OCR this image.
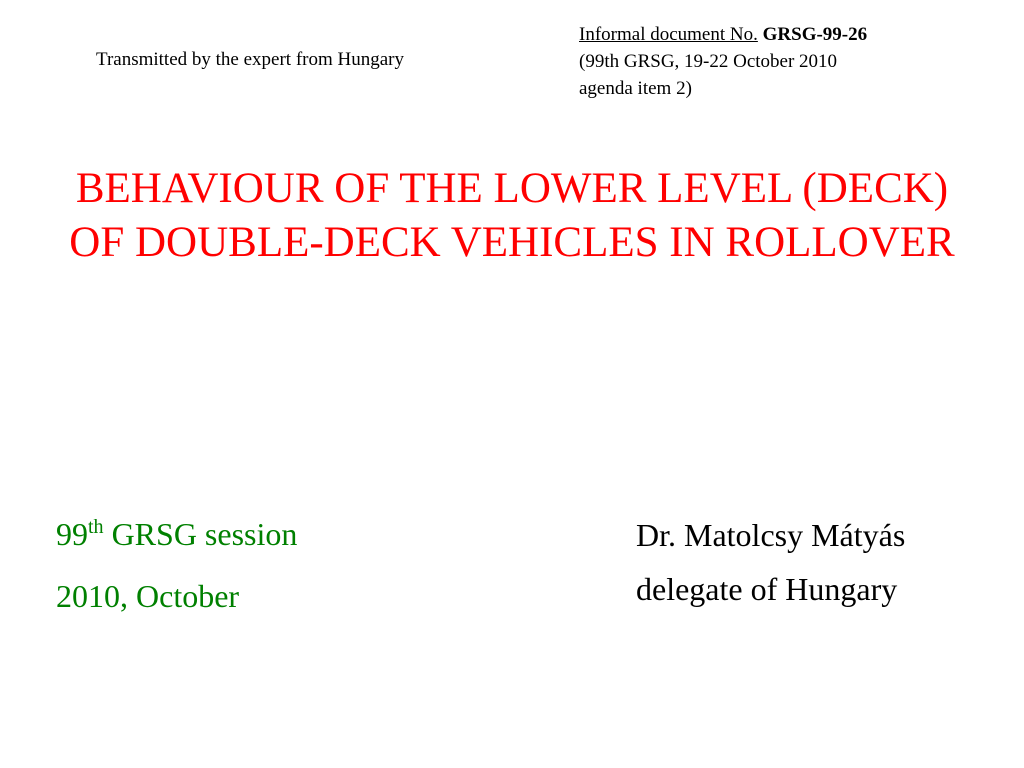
Transmitted by the expert from Hungary
Informal document No. GRSG-99-26
(99th GRSG, 19-22 October 2010
agenda item 2)
BEHAVIOUR OF THE LOWER LEVEL (DECK)
OF DOUBLE-DECK VEHICLES IN ROLLOVER
99th GRSG session
2010, October
Dr. Matolcsy Mátyás
delegate of Hungary
